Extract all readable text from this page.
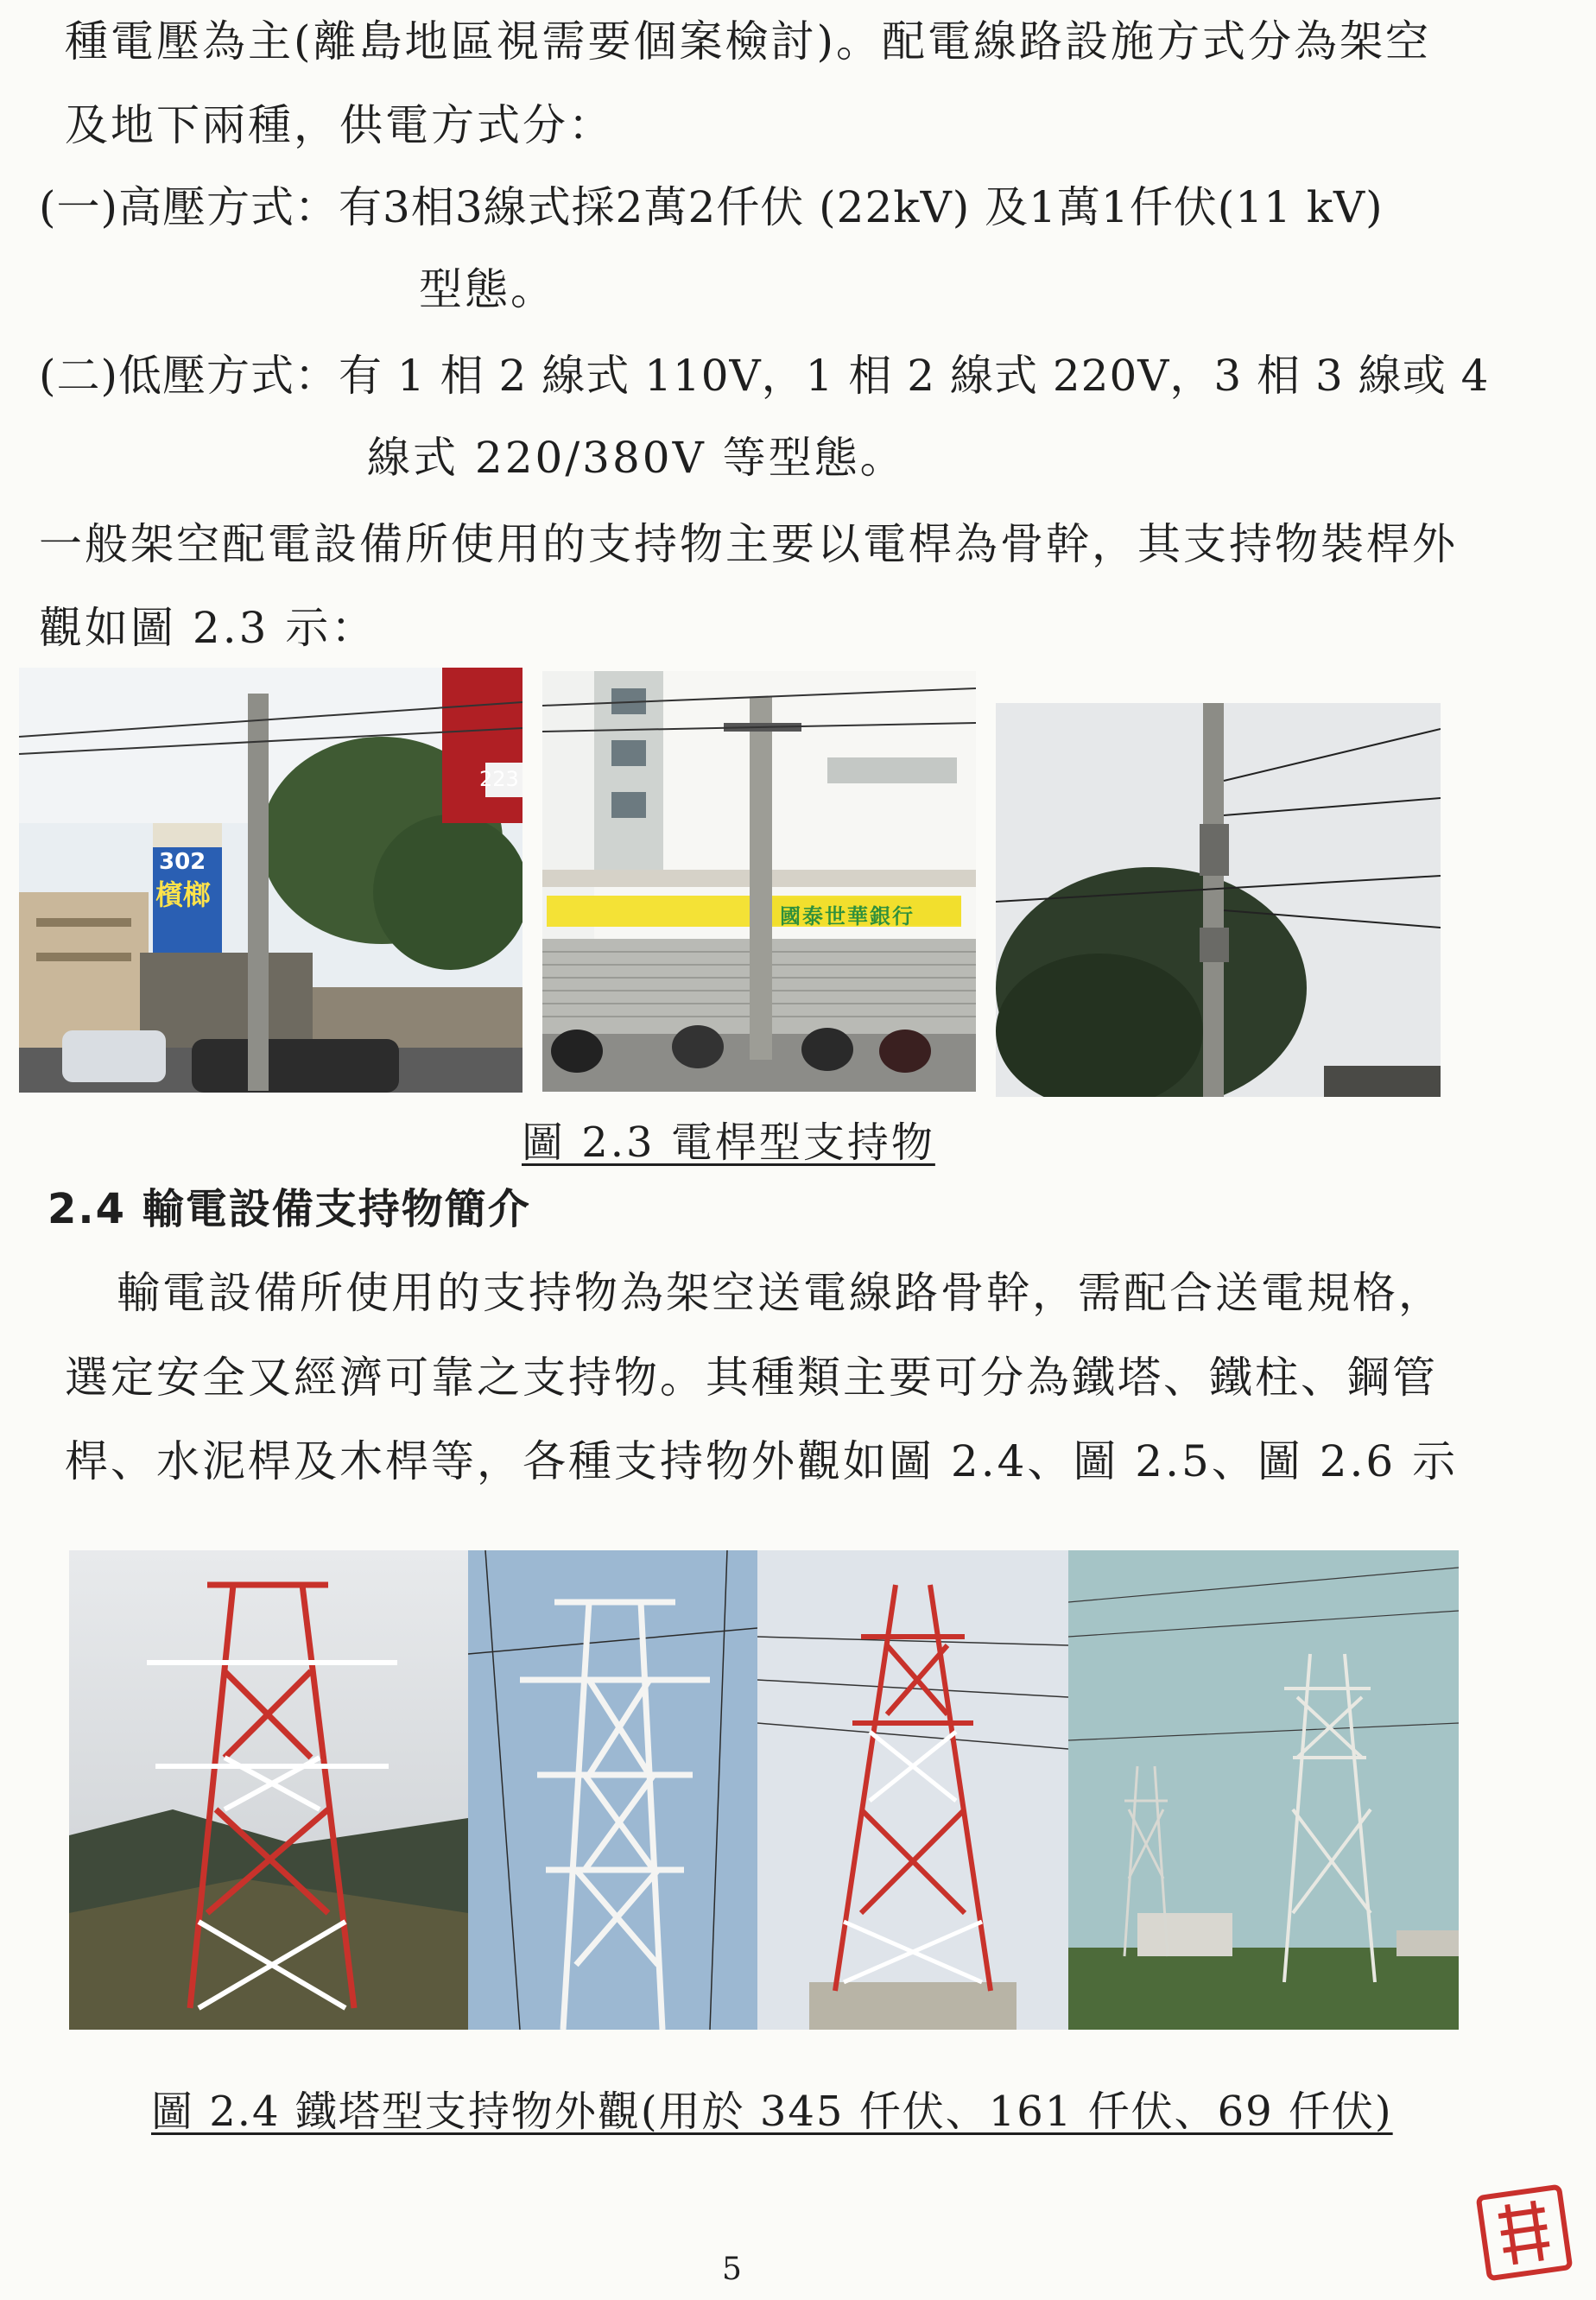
種電壓為主(離島地區視需要個案檢討)。配電線路設施方式分為架空
及地下兩種，供電方式分：
(一)高壓方式：有3相3線式採2萬2仟伏 (22kV) 及1萬1仟伏(11 kV)
型態。
(二)低壓方式：有 1 相 2 線式 110V，1 相 2 線式 220V，3 相 3 線或 4
線式 220/380V 等型態。
一般架空配電設備所使用的支持物主要以電桿為骨幹，其支持物裝桿外
觀如圖 2.3 示：
302
檳榔
223
國泰世華銀行
圖 2.3 電桿型支持物
2.4 輸電設備支持物簡介
輸電設備所使用的支持物為架空送電線路骨幹，需配合送電規格，
選定安全又經濟可靠之支持物。其種類主要可分為鐵塔、鐵柱、鋼管
桿、水泥桿及木桿等，各種支持物外觀如圖 2.4、圖 2.5、圖 2.6 示
圖 2.4 鐵塔型支持物外觀(用於 345 仟伏、161 仟伏、69 仟伏)
5
